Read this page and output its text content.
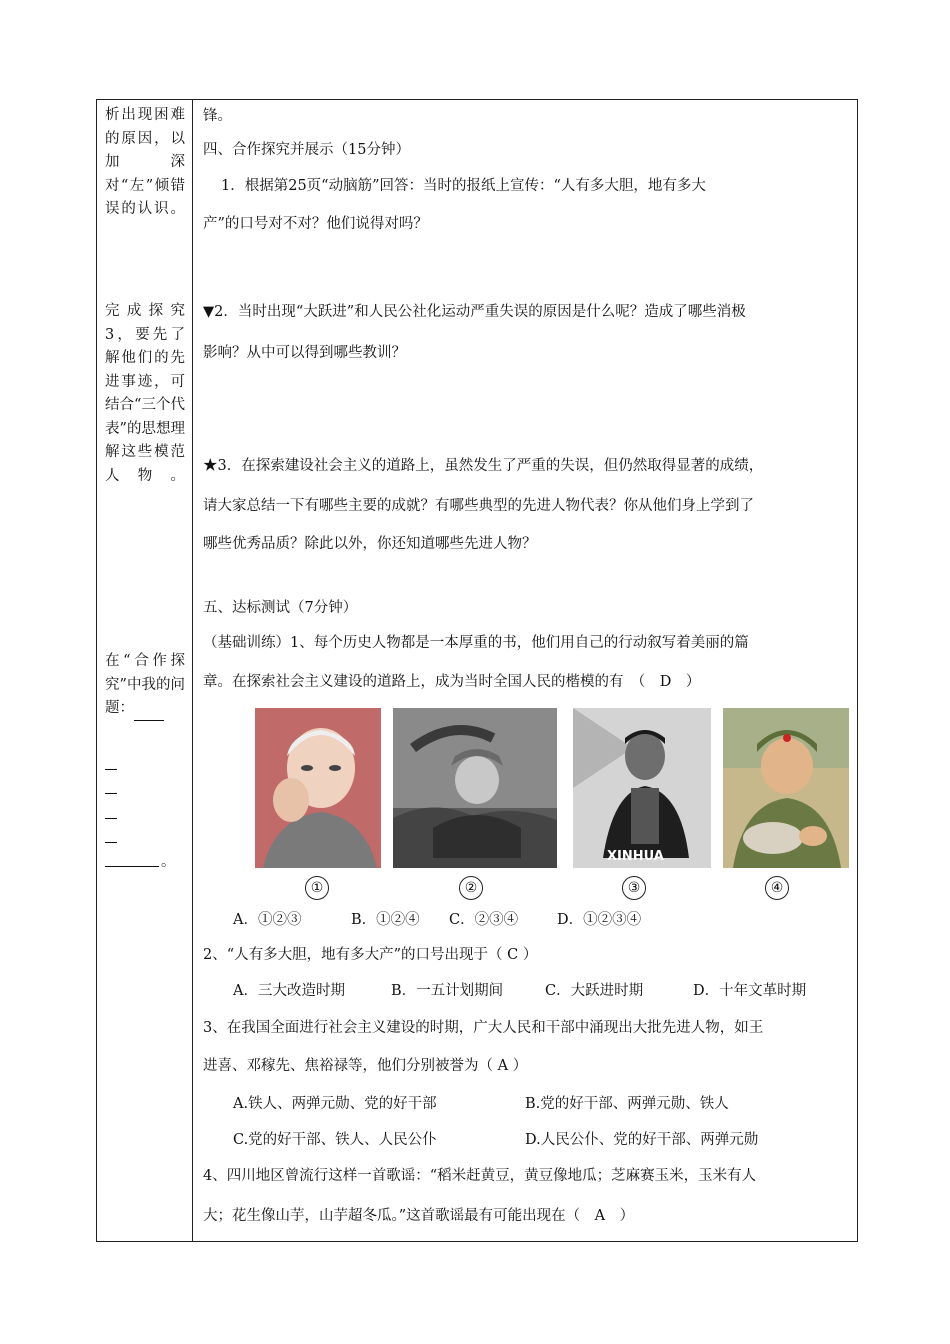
析出现困难的原因，以加深对“左”倾错误的认识。
完成探究3，要先了解他们的先进事迹，可结合“三个代表”的思想理解这些模范人物。
在“合作探究”中我的问题：
。
锋。
四、合作探究并展示（15分钟）
1．根据第25页“动脑筋”回答：当时的报纸上宣传：“人有多大胆，地有多大
产”的口号对不对？他们说得对吗？
▼2．当时出现“大跃进”和人民公社化运动严重失误的原因是什么呢？造成了哪些消极
影响？从中可以得到哪些教训？
★3．在探索建设社会主义的道路上，虽然发生了严重的失误，但仍然取得显著的成绩，
请大家总结一下有哪些主要的成就？有哪些典型的先进人物代表？你从他们身上学到了
哪些优秀品质？除此以外，你还知道哪些先进人物？
五、达标测试（7分钟）
（基础训练）1、每个历史人物都是一本厚重的书，他们用自己的行动叙写着美丽的篇
章。在探索社会主义建设的道路上，成为当时全国人民的楷模的有　（　D　）
XINHUA
①	②	③	④
A．①②③	B．①②④ C．②③④	D．①②③④
2、“人有多大胆，地有多大产”的口号出现于（ C ）
A．三大改造时期	B．一五计划期间	C．大跃进时期	D．十年文革时期
3、在我国全面进行社会主义建设的时期，广大人民和干部中涌现出大批先进人物，如王
进喜、邓稼先、焦裕禄等，他们分别被誉为（ A ）
A.铁人、两弹元勋、党的好干部	B.党的好干部、两弹元勋、铁人
C.党的好干部、铁人、人民公仆	D.人民公仆、党的好干部、两弹元勋
4、四川地区曾流行这样一首歌谣：“稻米赶黄豆，黄豆像地瓜；芝麻赛玉米，玉米有人
大；花生像山芋，山芋超冬瓜。”这首歌谣最有可能出现在（　A　）
